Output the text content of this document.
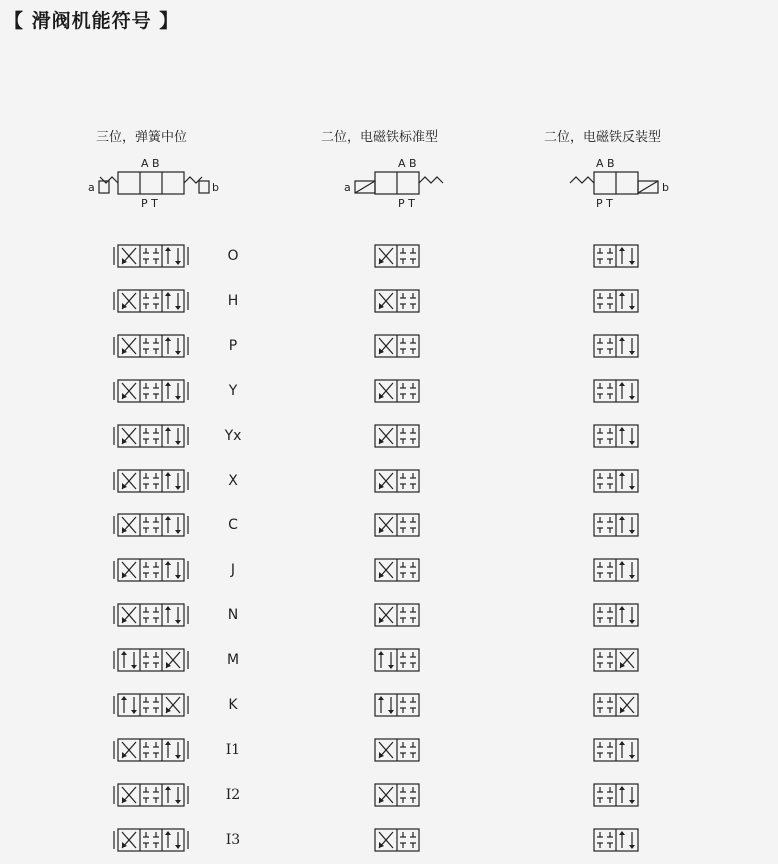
【 滑阀机能符号 】
三位，弹簧中位	二位，电磁铁标准型	二位，电磁铁反装型
A B
a	b
P T
A B
a
P T
A B
b
P T
O
H
P
Y
Yx
X
C
J
N
M
K
I1
I2
I3
